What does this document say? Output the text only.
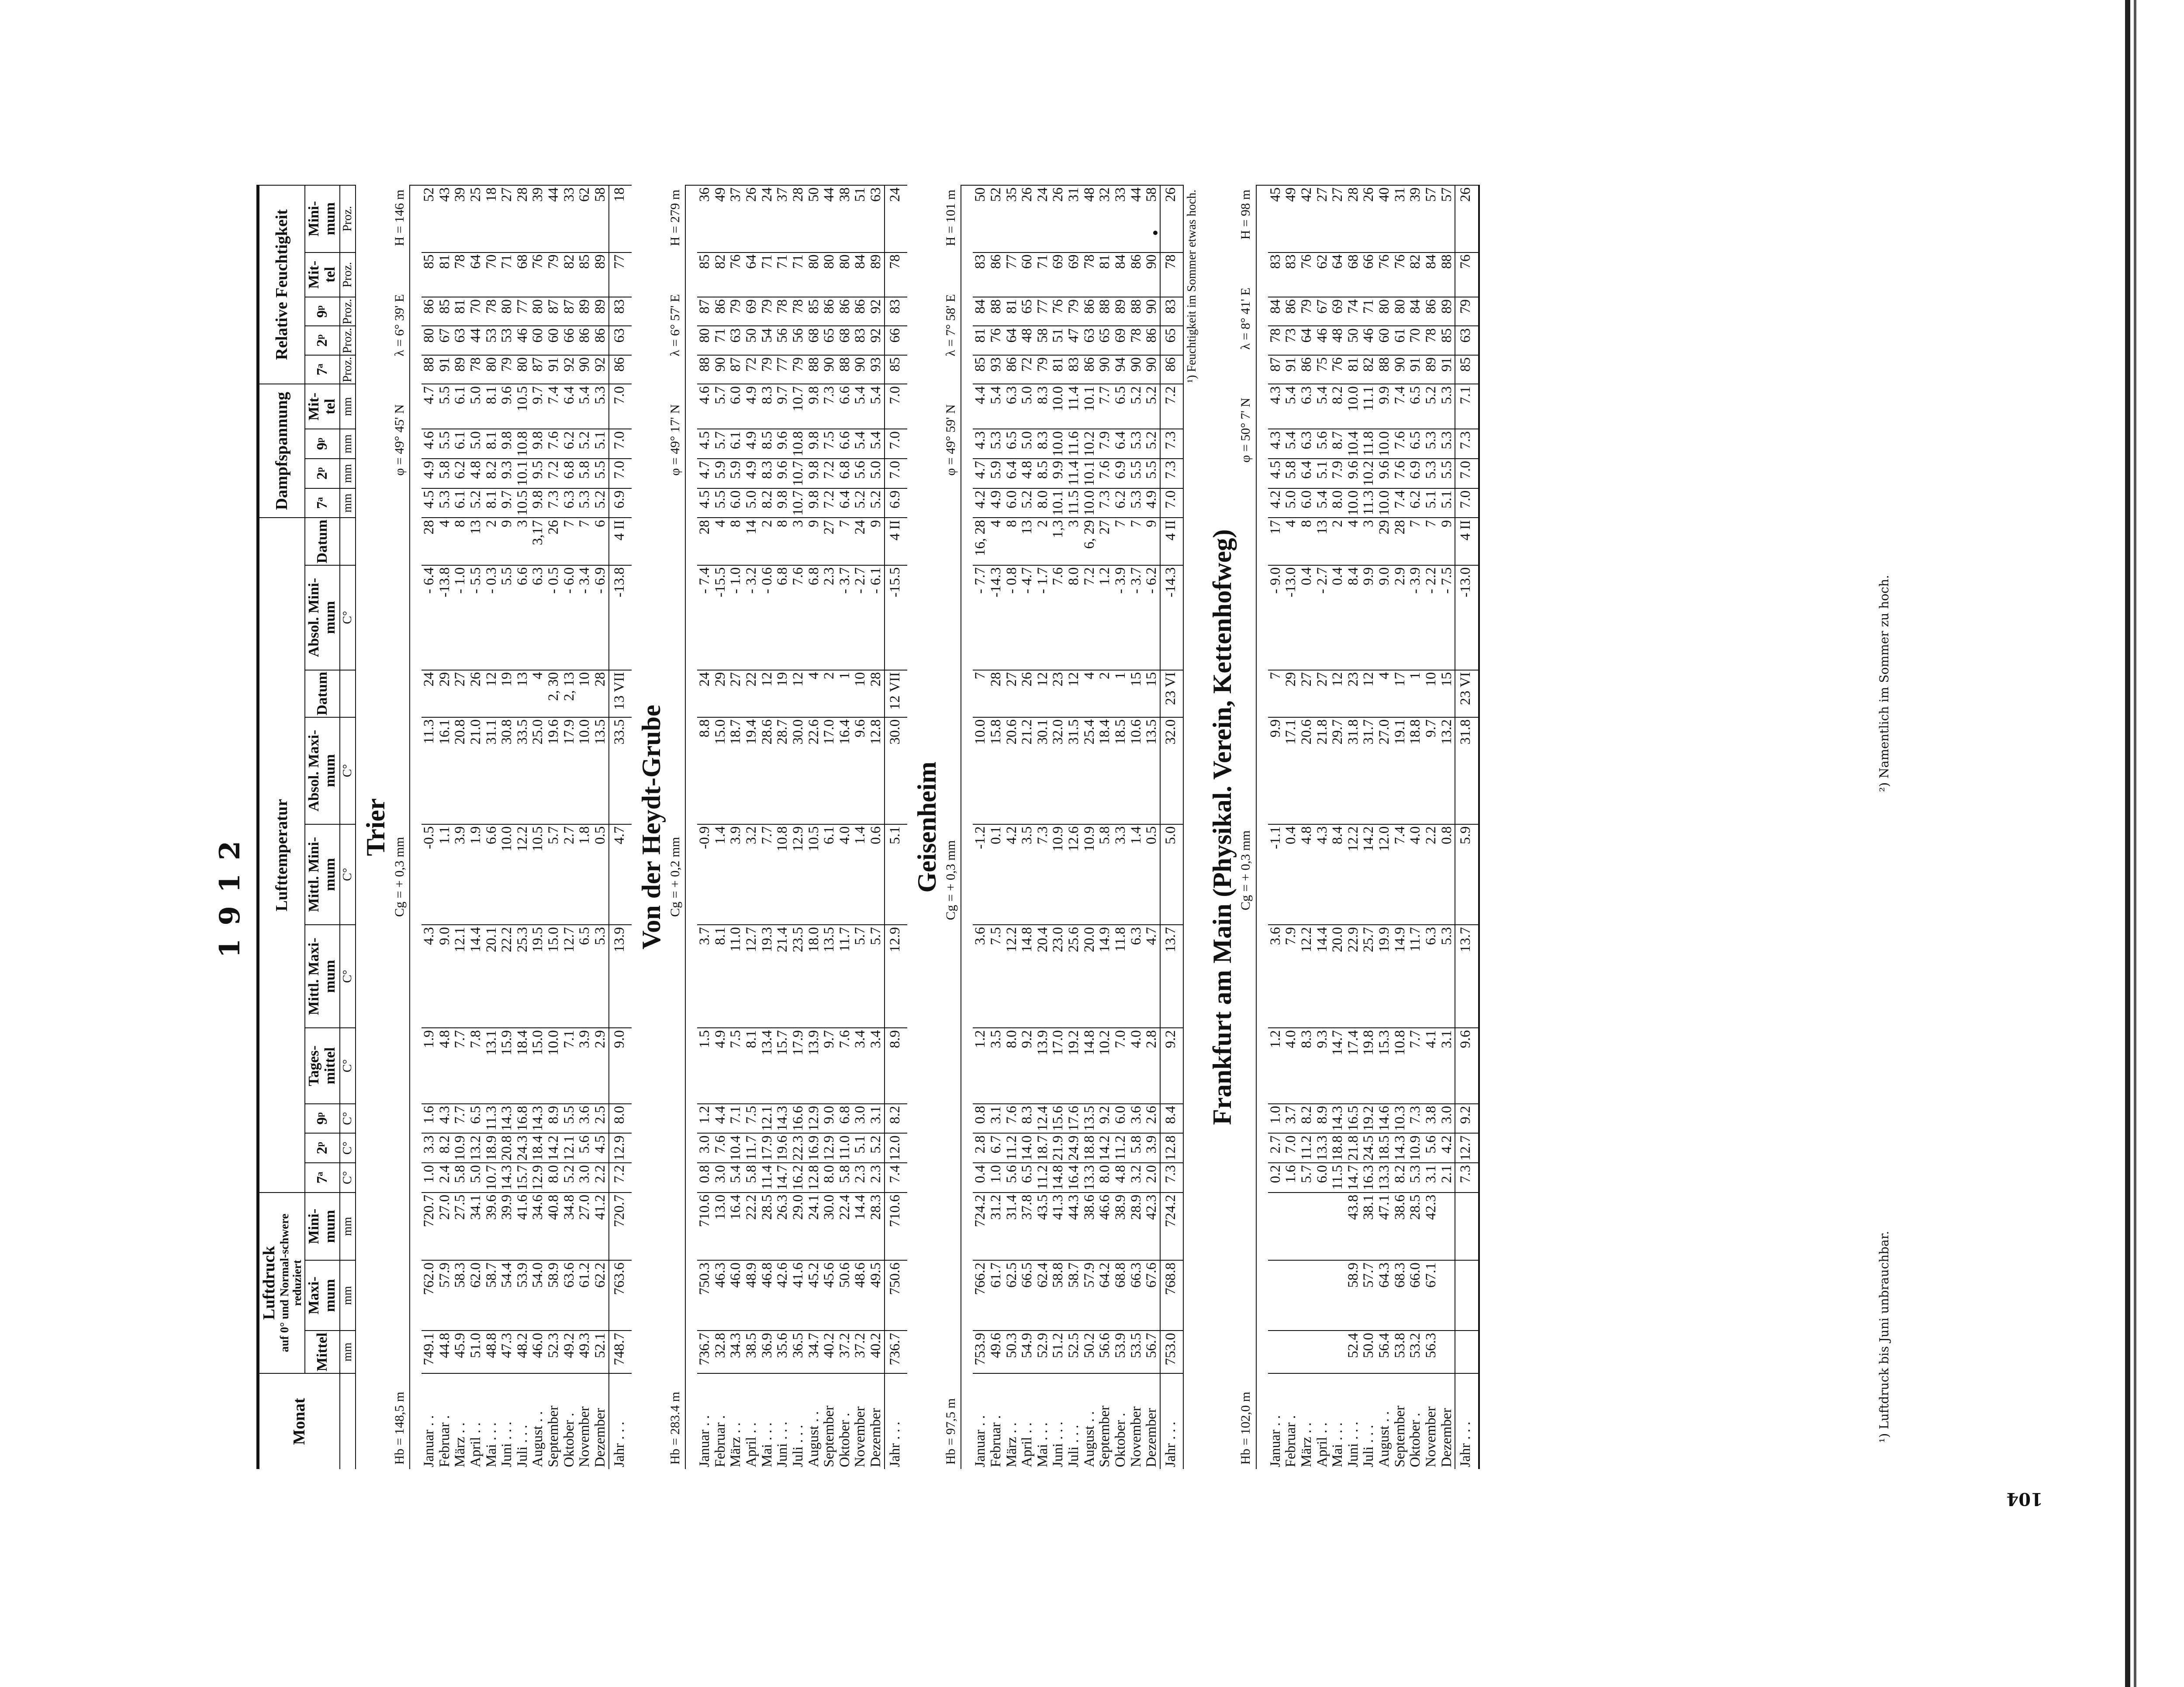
104
1912
Monat	Luftdruck auf 0° und Normal-schwere reduziert			Lufttemperatur										Dampfspannung				Relative Feuchtigkeit				
	Mittel	Maxi-mum	Mini-mum	7ᵃ	2ᵖ	9ᵖ	Tages-mittel	Mittl. Maxi-mum	Mittl. Mini-mum	Absol. Maxi-mum	Datum	Absol. Mini-mum	Datum	7ᵃ	2ᵖ	9ᵖ	Mit-tel	7ᵃ	2ᵖ	9ᵖ	Mit-tel	Mini-mum
	mm	mm	mm	C°	C°	C°	C°	C°	C°	C°		C°		mm	mm	mm	mm	Proz.	Proz.	Proz.	Proz.	Proz.
Trier																						

Hb = 148,5 m
Cg = + 0,3 mm
φ = 49° 45' Nλ = 6° 39' EH = 146 m																						

Januar . .	749.1	762.0	720.7	1.0	3.3	1.6	1.9	4.3	-0.5	11.3	24	- 6.4	28	4.5	4.9	4.6	4.7	88	80	86	85	52
Februar .	44.8	57.9	27.0	2.4	8.2	4.3	4.8	9.0	1.1	16.1	29	-13.8	4	5.3	5.8	5.5	5.5	91	67	85	81	43
März . .	45.9	58.3	27.5	5.8	10.9	7.7	7.7	12.1	3.9	20.8	27	- 1.0	8	6.1	6.2	6.1	6.1	89	63	81	78	39
April . .	51.0	62.0	34.1	5.0	13.2	6.5	7.8	14.4	1.9	21.0	26	- 5.5	13	5.2	4.8	5.0	5.0	78	44	70	64	25
Mai . . .	48.8	58.7	39.6	10.7	18.9	11.3	13.1	20.1	6.6	31.1	12	- 0.3	2	8.1	8.2	8.1	8.1	80	53	78	70	18
Juni . . .	47.3	54.4	39.9	14.3	20.8	14.3	15.9	22.2	10.0	30.8	19	5.5	9	9.7	9.3	9.8	9.6	79	53	80	71	27
Juli . . .	48.2	53.9	41.6	15.7	24.3	16.8	18.4	25.3	12.2	33.5	13	6.6	3	10.5	10.1	10.8	10.5	80	46	77	68	28
August . .	46.0	54.0	34.6	12.9	18.4	14.3	15.0	19.5	10.5	25.0	4	6.3	3,17	9.8	9.5	9.8	9.7	87	60	80	76	39
September	52.3	58.9	40.8	8.0	14.2	8.9	10.0	15.0	5.7	19.6	2, 30	- 0.5	26	7.3	7.2	7.6	7.4	91	60	87	79	44
Oktober .	49.2	63.6	34.8	5.2	12.1	5.5	7.1	12.7	2.7	17.9	2, 13	- 6.0	7	6.3	6.8	6.2	6.4	92	66	87	82	33
November	49.3	61.2	27.0	3.0	5.6	3.6	3.9	6.5	1.8	10.0	10	- 3.4	7	5.3	5.8	5.2	5.4	90	86	89	85	62
Dezember	52.1	62.2	41.2	2.2	4.5	2.5	2.9	5.3	0.5	13.5	28	- 6.9	6	5.2	5.5	5.1	5.3	92	86	89	89	58
Jahr . . .	748.7	763.6	720.7	7.2	12.9	8.0	9.0	13.9	4.7	33.5	13 VII	-13.8	4 II	6.9	7.0	7.0	7.0	86	63	83	77	18
Von der Heydt-Grube																						

Hb = 283.4 m
Cg = + 0,2 mm
φ = 49° 17' Nλ = 6° 57' EH = 279 m																						

Januar . .	736.7	750.3	710.6	0.8	3.0	1.2	1.5	3.7	-0.9	8.8	24	- 7.4	28	4.5	4.7	4.5	4.6	88	80	87	85	36
Februar .	32.8	46.3	13.0	3.0	7.6	4.4	4.9	8.1	1.4	15.0	29	-15.5	4	5.5	5.9	5.7	5.7	90	71	86	82	49
März . .	34.3	46.0	16.4	5.4	10.4	7.1	7.5	11.0	3.9	18.7	27	- 1.0	8	6.0	5.9	6.1	6.0	87	63	79	76	37
April . .	38.5	48.9	22.2	5.8	11.7	7.5	8.1	12.7	3.2	19.4	22	- 3.2	14	5.0	4.9	4.9	4.9	72	50	69	64	26
Mai . . .	36.9	46.8	28.5	11.4	17.9	12.1	13.4	19.3	7.7	28.6	12	- 0.6	2	8.2	8.3	8.5	8.3	79	54	79	71	24
Juni . . .	35.6	42.6	26.3	14.7	19.6	14.3	15.7	21.4	10.8	28.7	19	6.8	8	9.8	9.6	9.6	9.7	77	56	78	71	37
Juli . . .	36.5	41.6	29.0	16.2	22.3	16.6	17.9	23.5	12.9	30.0	12	7.6	3	10.7	10.7	10.8	10.7	79	56	78	71	28
August . .	34.7	45.2	24.1	12.8	16.9	12.9	13.9	18.0	10.5	22.6	4	6.8	9	9.8	9.8	9.8	9.8	88	68	85	80	50
September	40.2	45.6	30.0	8.0	12.9	9.0	9.7	13.5	6.1	17.0	2	2.3	27	7.2	7.2	7.5	7.3	90	65	86	80	44
Oktober .	37.2	50.6	22.4	5.8	11.0	6.8	7.6	11.7	4.0	16.4	1	- 3.7	7	6.4	6.8	6.6	6.6	88	68	86	80	38
November	37.2	48.6	14.4	2.3	5.1	3.0	3.4	5.7	1.4	9.6	10	- 2.7	24	5.2	5.6	5.4	5.4	90	83	86	84	51
Dezember	40.2	49.5	28.3	2.3	5.2	3.1	3.4	5.7	0.6	12.8	28	- 6.1	9	5.2	5.0	5.4	5.4	93	92	92	89	63
Jahr . . .	736.7	750.6	710.6	7.4	12.0	8.2	8.9	12.9	5.1	30.0	12 VII	-15.5	4 II	6.9	7.0	7.0	7.0	85	66	83	78	24
Geisenheim																						

Hb = 97,5 m
Cg = + 0,3 mm
φ = 49° 59' Nλ = 7° 58' EH = 101 m																						

Januar . .	753.9	766.2	724.2	0.4	2.8	0.8	1.2	3.6	-1.2	10.0	7	- 7.7	16, 28	4.2	4.7	4.3	4.4	85	81	84	83	50
Februar .	49.6	61.7	31.2	1.0	6.7	3.1	3.5	7.5	0.1	15.8	28	-14.3	4	4.9	5.9	5.3	5.4	93	76	88	86	52
März . .	50.3	62.5	31.4	5.6	11.2	7.6	8.0	12.2	4.2	20.6	27	- 0.8	8	6.0	6.4	6.5	6.3	86	64	81	77	35
April . .	54.9	66.5	37.8	6.5	14.0	8.3	9.2	14.8	3.5	21.2	26	- 4.7	13	5.2	4.8	5.0	5.0	72	48	65	60	26
Mai . . .	52.9	62.4	43.5	11.2	18.7	12.4	13.9	20.4	7.3	30.1	12	- 1.7	2	8.0	8.5	8.3	8.3	79	58	77	71	24
Juni . . .	51.2	58.8	41.3	14.8	21.9	15.6	17.0	23.0	10.9	32.0	23	7.6	1,3	10.1	9.9	10.0	10.0	81	51	76	69	26
Juli . . .	52.5	58.7	44.3	16.4	24.9	17.6	19.2	25.6	12.6	31.5	12	8.0	3	11.5	11.4	11.6	11.4	83	47	79	69	31
August . .	50.2	57.9	38.6	13.3	18.8	13.5	14.8	20.0	10.9	25.4	4	7.2	6, 29	10.0	10.1	10.2	10.1	86	63	86	78	48
September	56.6	64.2	46.6	8.0	14.2	9.2	10.2	14.9	5.8	18.4	2	1.2	27	7.3	7.6	7.9	7.7	90	65	88	81	32
Oktober .	53.9	68.8	38.9	4.8	11.2	6.0	7.0	11.8	3.3	18.5	1	- 3.9	7	6.2	6.9	6.4	6.5	94	69	89	84	33
November	53.5	66.3	28.9	3.2	5.8	3.6	4.0	6.3	1.4	10.6	15	- 3.7	7	5.3	5.5	5.3	5.2	90	78	88	86	44
Dezember	56.7	67.6	42.3	2.0	3.9	2.6	2.8	4.7	0.5	13.5	15	- 6.2	9	4.9	5.5	5.2	5.2	90	86	90	90	58
Jahr . . .	753.0	768.8	724.2	7.3	12.8	8.4	9.2	13.7	5.0	32.0	23 VI	-14.3	4 II	7.0	7.3	7.3	7.2	86	65	83	78	26
¹) Feuchtigkeit im Sommer etwas hoch.																						
Frankfurt am Main (Physikal. Verein, Kettenhofweg)																						

Hb = 102,0 m
Cg = + 0,3 mm
φ = 50° 7' Nλ = 8° 41' EH = 98 m																						

Januar . .				0.2	2.7	1.0	1.2	3.6	-1.1	9.9	7	- 9.0	17	4.2	4.5	4.3	4.3	87	78	84	83	45
Februar .				1.6	7.0	3.7	4.0	7.9	0.4	17.1	29	-13.0	4	5.0	5.8	5.4	5.4	91	73	86	83	49
März . .				5.7	11.2	8.2	8.3	12.2	4.8	20.6	27	0.4	8	6.0	6.4	6.3	6.3	86	64	79	76	42
April . .				6.0	13.3	8.9	9.3	14.4	4.3	21.8	27	- 2.7	13	5.4	5.1	5.6	5.4	75	46	67	62	27
Mai . . .				11.5	18.8	14.3	14.7	20.0	8.4	29.7	12	0.4	2	8.0	7.9	8.7	8.2	76	48	69	64	27
Juni . . .	52.4	58.9	43.8	14.7	21.8	16.5	17.4	22.9	12.2	31.8	23	8.4	4	10.0	9.6	10.4	10.0	81	50	74	68	28
Juli . . .	50.0	57.7	38.1	16.3	24.5	19.2	19.8	25.7	14.2	31.7	12	9.9	3	11.3	10.2	11.8	11.1	82	46	71	66	26
August . .	56.4	64.3	47.1	13.3	18.5	14.6	15.3	19.9	12.0	27.0	4	9.0	29	10.0	9.6	10.0	9.9	88	60	80	76	40
September	53.8	68.3	38.6	8.2	14.3	10.3	10.8	14.9	7.4	19.1	17	2.9	28	7.4	7.6	7.6	7.4	90	61	80	76	31
Oktober .	53.2	66.0	28.5	5.3	10.9	7.3	7.7	11.7	4.0	18.8	1	- 3.9	7	6.2	6.9	6.5	6.5	91	70	84	82	39
November	56.3	67.1	42.3	3.1	5.6	3.8	4.1	6.3	2.2	9.7	10	- 2.2	7	5.1	5.3	5.3	5.2	89	78	86	84	57
Dezember				2.1	4.2	3.0	3.1	5.3	0.8	13.2	15	- 7.5	9	5.1	5.5	5.3	5.3	91	85	89	88	57
Jahr . . .				7.3	12.7	9.2	9.6	13.7	5.9	31.8	23 VI	-13.0	4 II	7.0	7.0	7.3	7.1	85	63	79	76	26
¹) Luftdruck bis Juni unbrauchbar.
²) Namentlich im Sommer zu hoch.
